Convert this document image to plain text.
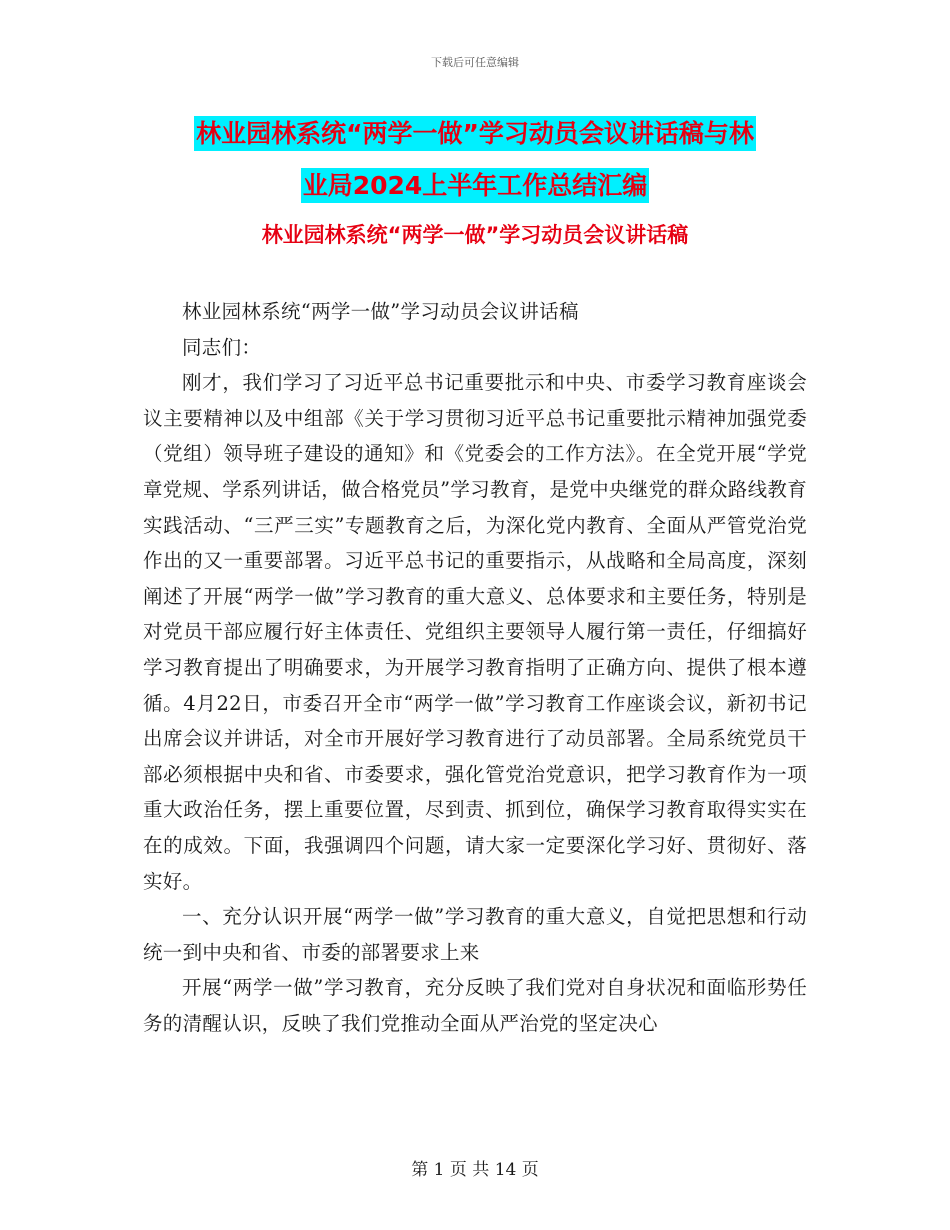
下载后可任意编辑
林业园林系统“两学一做”学习动员会议讲话稿与林
业局2024上半年工作总结汇编
林业园林系统“两学一做”学习动员会议讲话稿

林业园林系统“两学一做”学习动员会议讲话稿

同志们：

刚才，我们学习了习近平总书记重要批示和中央、市委学习教育座谈会议主要精神以及中组部《关于学习贯彻习近平总书记重要批示精神加强党委（党组）领导班子建设的通知》和《党委会的工作方法》。在全党开展“学党章党规、学系列讲话，做合格党员”学习教育，是党中央继党的群众路线教育实践活动、“三严三实”专题教育之后，为深化党内教育、全面从严管党治党作出的又一重要部署。习近平总书记的重要指示，从战略和全局高度，深刻阐述了开展“两学一做”学习教育的重大意义、总体要求和主要任务，特别是对党员干部应履行好主体责任、党组织主要领导人履行第一责任，仔细搞好学习教育提出了明确要求，为开展学习教育指明了正确方向、提供了根本遵循。4月22日，市委召开全市“两学一做”学习教育工作座谈会议，新初书记出席会议并讲话，对全市开展好学习教育进行了动员部署。全局系统党员干部必须根据中央和省、市委要求，强化管党治党意识，把学习教育作为一项重大政治任务，摆上重要位置，尽到责、抓到位，确保学习教育取得实实在在的成效。下面，我强调四个问题，请大家一定要深化学习好、贯彻好、落实好。

一、充分认识开展“两学一做”学习教育的重大意义，自觉把思想和行动统一到中央和省、市委的部署要求上来

开展“两学一做”学习教育，充分反映了我们党对自身状况和面临形势任务的清醒认识，反映了我们党推动全面从严治党的坚定决心

第 1 页 共 14 页
